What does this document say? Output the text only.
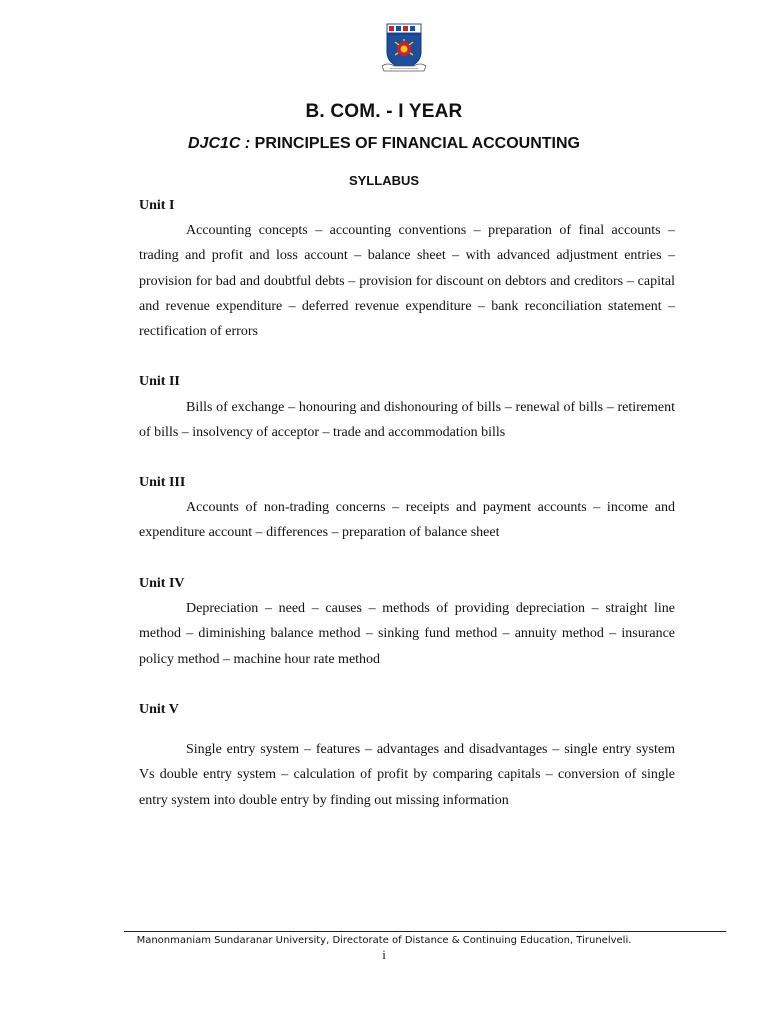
B. COM. - I YEAR
DJC1C : PRINCIPLES OF FINANCIAL ACCOUNTING
SYLLABUS
Unit I
Accounting concepts – accounting conventions – preparation of final accounts – trading and profit and loss account – balance sheet – with advanced adjustment entries – provision for bad and doubtful debts – provision for discount on debtors and creditors – capital and revenue expenditure – deferred revenue expenditure – bank reconciliation statement – rectification of errors
Unit II
Bills of exchange – honouring and dishonouring of bills – renewal of bills – retirement of bills – insolvency of acceptor – trade and accommodation bills
Unit III
Accounts of non-trading concerns – receipts and payment accounts – income and expenditure account – differences – preparation of balance sheet
Unit IV
Depreciation – need – causes – methods of providing depreciation – straight line method – diminishing balance method – sinking fund method – annuity method – insurance policy method – machine hour rate method
Unit V
Single entry system – features – advantages and disadvantages – single entry system Vs double entry system – calculation of profit by comparing capitals – conversion of single entry system into double entry by finding out missing information
Manonmaniam Sundaranar University, Directorate of Distance & Continuing Education, Tirunelveli.
i
